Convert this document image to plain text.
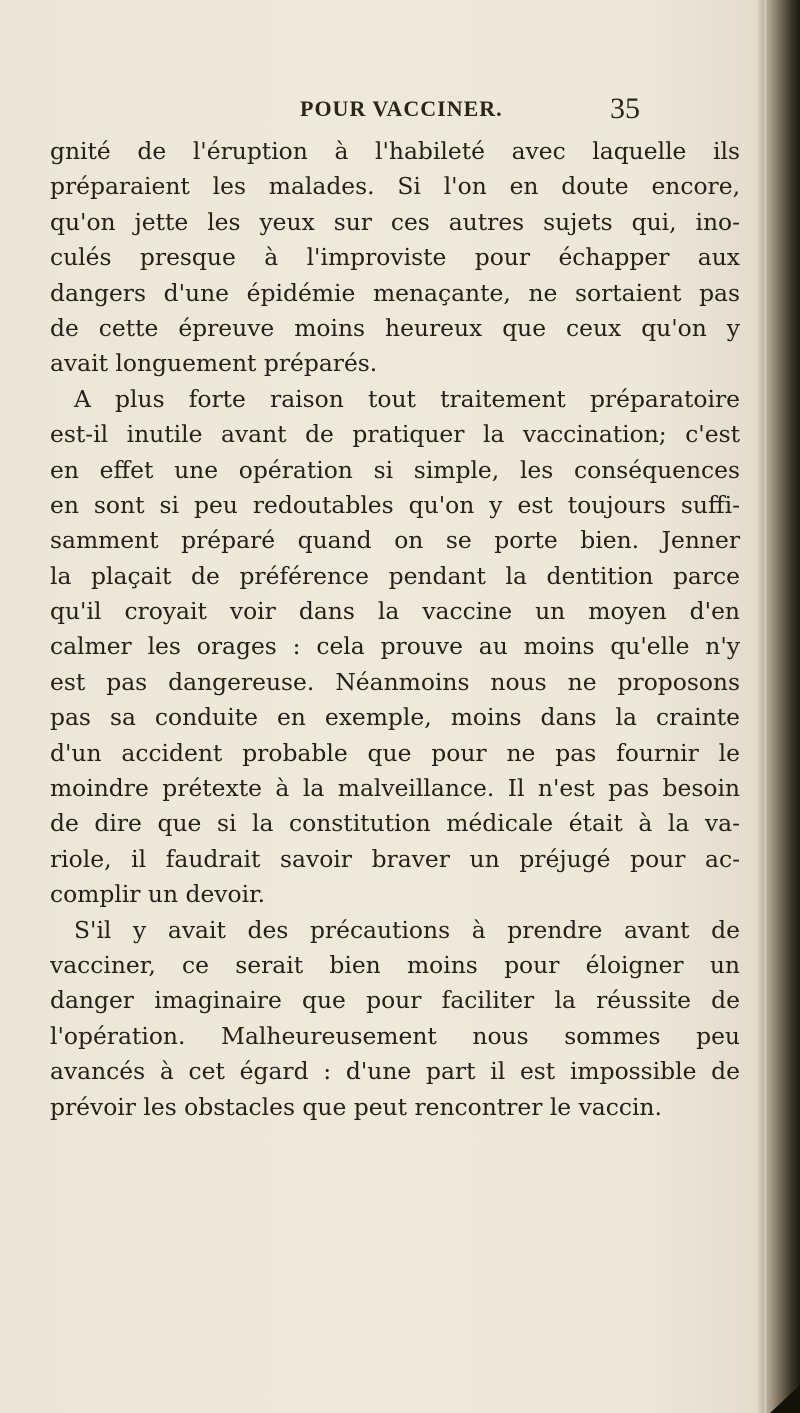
POUR VACCINER.	35
gnité de l'éruption à l'habileté avec laquelle ils
préparaient les malades. Si l'on en doute encore,
qu'on jette les yeux sur ces autres sujets qui, ino-
culés presque à l'improviste pour échapper aux
dangers d'une épidémie menaçante, ne sortaient pas
de cette épreuve moins heureux que ceux qu'on y
avait longuement préparés.
A plus forte raison tout traitement préparatoire
est-il inutile avant de pratiquer la vaccination; c'est
en effet une opération si simple, les conséquences
en sont si peu redoutables qu'on y est toujours suffi-
samment préparé quand on se porte bien. Jenner
la plaçait de préférence pendant la dentition parce
qu'il croyait voir dans la vaccine un moyen d'en
calmer les orages : cela prouve au moins qu'elle n'y
est pas dangereuse. Néanmoins nous ne proposons
pas sa conduite en exemple, moins dans la crainte
d'un accident probable que pour ne pas fournir le
moindre prétexte à la malveillance. Il n'est pas besoin
de dire que si la constitution médicale était à la va-
riole, il faudrait savoir braver un préjugé pour ac-
complir un devoir.
S'il y avait des précautions à prendre avant de
vacciner, ce serait bien moins pour éloigner un
danger imaginaire que pour faciliter la réussite de
l'opération. Malheureusement nous sommes peu
avancés à cet égard : d'une part il est impossible de
prévoir les obstacles que peut rencontrer le vaccin.
